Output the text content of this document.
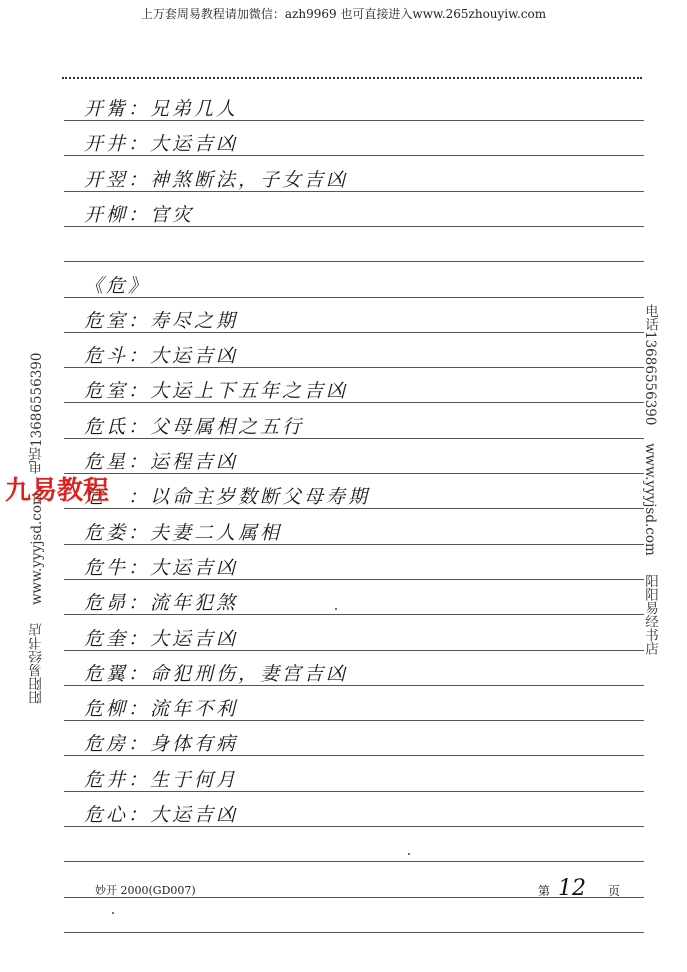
上万套周易教程请加微信：azh9969 也可直接进入www.265zhouyiw.com
开觜：兄弟几人
开井：大运吉凶
开翌：神煞断法，子女吉凶
开柳：官灾
《危》
危室：寿尽之期
危斗：大运吉凶
危室：大运上下五年之吉凶
危氐：父母属相之五行
危星：运程吉凶
危　：以命主岁数断父母寿期
危娄：夫妻二人属相
危牛：大运吉凶
危昴：流年犯煞
危奎：大运吉凶
危翼：命犯刑伤，妻宫吉凶
危柳：流年不利
危房：身体有病
危井：生于何月
危心：大运吉凶
阳阳易经书店
www.yyyjsd.com
电话13686556390	电话13686556390
www.yyyjsd.com
阳阳易经书店
九易教程
妙开 2000(GD007)	第 12 页
